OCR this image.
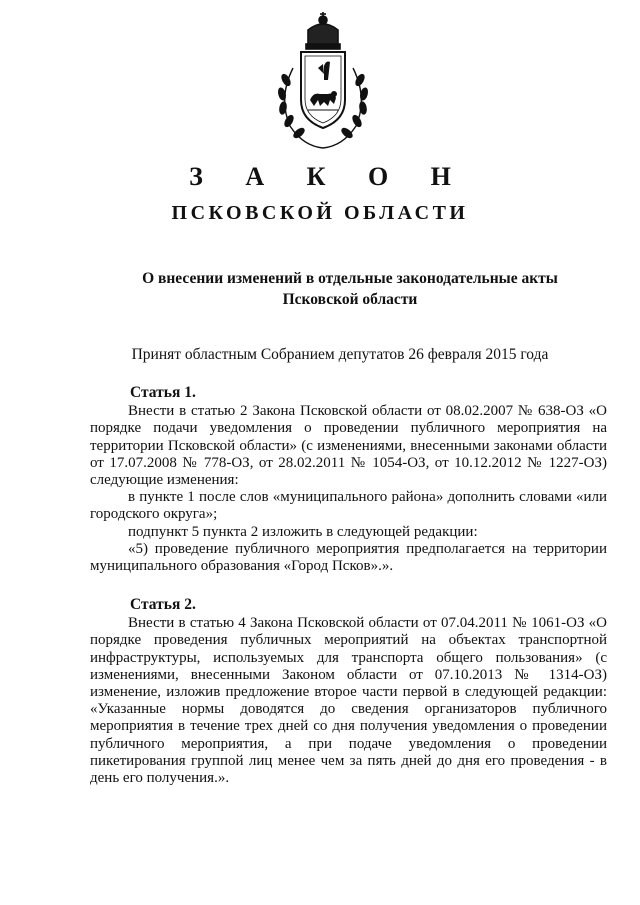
З А К О Н
ПСКОВСКОЙ ОБЛАСТИ
О внесении изменений в отдельные законодательные акты
Псковской области
Принят областным Собранием депутатов 26 февраля 2015 года
Статья 1.

Внести в статью 2 Закона Псковской области от 08.02.2007 № 638-ОЗ «О порядке подачи уведомления о проведении публичного мероприятия на территории Псковской области» (с изменениями, внесенными законами области от 17.07.2008 № 778-ОЗ, от 28.02.2011 № 1054-ОЗ, от 10.12.2012 № 1227-ОЗ) следующие изменения:

в пункте 1 после слов «муниципального района» дополнить словами «или городского округа»;

подпункт 5 пункта 2 изложить в следующей редакции:

«5) проведение публичного мероприятия предполагается на территории муниципального образования «Город Псков».».

Статья 2.

Внести в статью 4 Закона Псковской области от 07.04.2011 № 1061-ОЗ «О порядке проведения публичных мероприятий на объектах транспортной инфраструктуры, используемых для транспорта общего пользования» (с изменениями, внесенными Законом области от 07.10.2013 № 1314-ОЗ) изменение, изложив предложение второе части первой в следующей редакции: «Указанные нормы доводятся до сведения организаторов публичного мероприятия в течение трех дней со дня получения уведомления о проведении публичного мероприятия, а при подаче уведомления о проведении пикетирования группой лиц менее чем за пять дней до дня его проведения - в день его получения.».
